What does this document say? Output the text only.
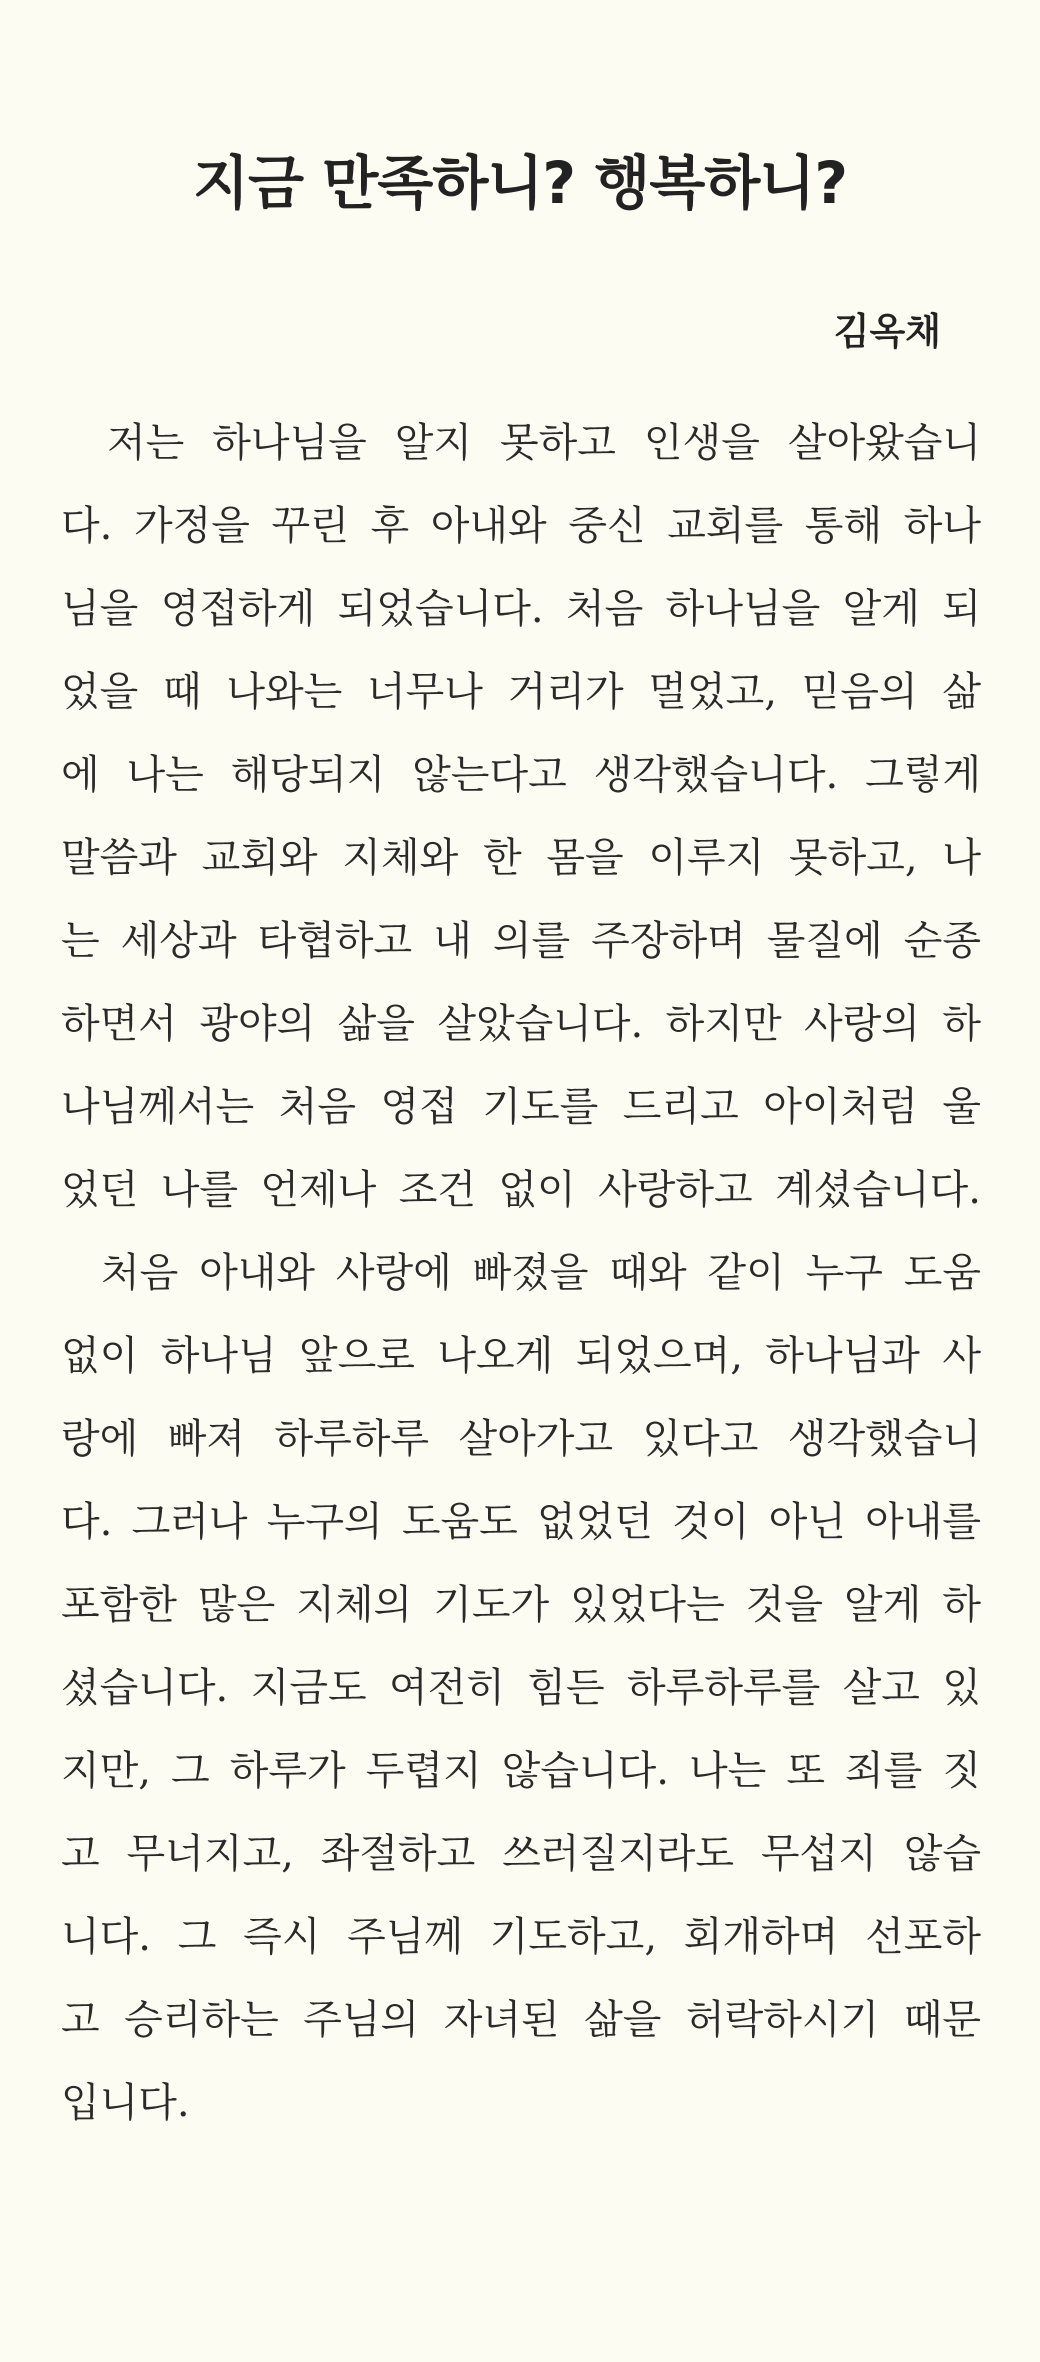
지금 만족하니? 행복하니?

김옥채

저는 하나님을 알지 못하고 인생을 살아왔습니
다. 가정을 꾸린 후 아내와 중신 교회를 통해 하나
님을 영접하게 되었습니다. 처음 하나님을 알게 되
었을 때 나와는 너무나 거리가 멀었고, 믿음의 삶
에 나는 해당되지 않는다고 생각했습니다. 그렇게
말씀과 교회와 지체와 한 몸을 이루지 못하고, 나
는 세상과 타협하고 내 의를 주장하며 물질에 순종
하면서 광야의 삶을 살았습니다. 하지만 사랑의 하
나님께서는 처음 영접 기도를 드리고 아이처럼 울
었던 나를 언제나 조건 없이 사랑하고 계셨습니다.
처음 아내와 사랑에 빠졌을 때와 같이 누구 도움
없이 하나님 앞으로 나오게 되었으며, 하나님과 사
랑에 빠져 하루하루 살아가고 있다고 생각했습니
다. 그러나 누구의 도움도 없었던 것이 아닌 아내를
포함한 많은 지체의 기도가 있었다는 것을 알게 하
셨습니다. 지금도 여전히 힘든 하루하루를 살고 있
지만, 그 하루가 두렵지 않습니다. 나는 또 죄를 짓
고 무너지고, 좌절하고 쓰러질지라도 무섭지 않습
니다. 그 즉시 주님께 기도하고, 회개하며 선포하
고 승리하는 주님의 자녀된 삶을 허락하시기 때문
입니다.
